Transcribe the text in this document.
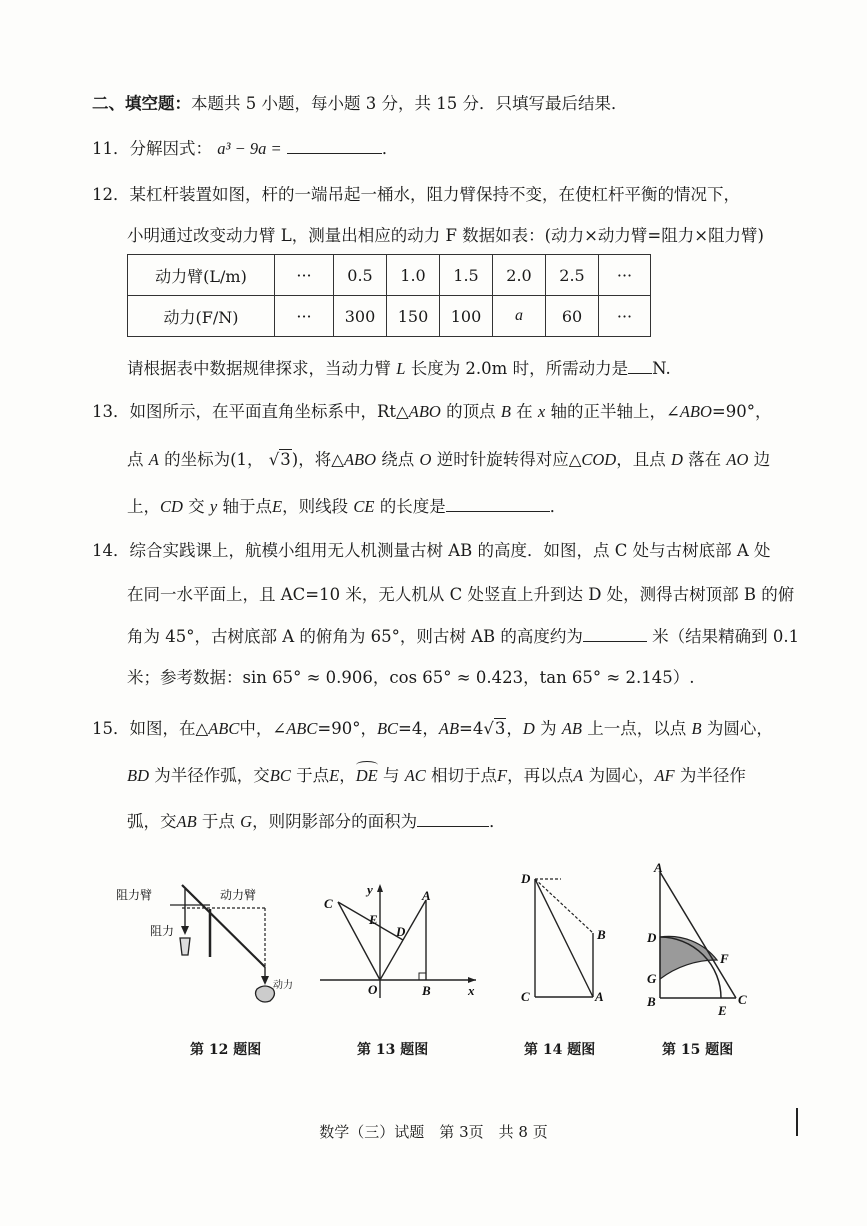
二、填空题：本题共 5 小题，每小题 3 分，共 15 分．只填写最后结果．
11．分解因式： a³ − 9a =	．
12．某杠杆装置如图，杆的一端吊起一桶水，阻力臂保持不变，在使杠杆平衡的情况下，
小明通过改变动力臂 L，测量出相应的动力 F 数据如表：(动力×动力臂=阻力×阻力臂)
动力臂(L/m)	···	0.5	1.0	1.5	2.0	2.5	···
动力(F/N)	···	300	150	100	a	60	···
请根据表中数据规律探求，当动力臂 L 长度为 2.0m 时，所需动力是 N.
13．如图所示，在平面直角坐标系中，Rt△ABO 的顶点 B 在 x 轴的正半轴上，∠ABO=90°，
点 A 的坐标为(1， √3)，将△ABO 绕点 O 逆时针旋转得对应△COD，且点 D 落在 AO 边
上，CD 交 y 轴于点E，则线段 CE 的长度是	．
14．综合实践课上，航模小组用无人机测量古树 AB 的高度．如图，点 C 处与古树底部 A 处
在同一水平面上，且 AC=10 米，无人机从 C 处竖直上升到达 D 处，测得古树顶部 B 的俯
角为 45°，古树底部 A 的俯角为 65°，则古树 AB 的高度约为	米（结果精确到 0.1
米；参考数据：sin 65° ≈ 0.906，cos 65° ≈ 0.423，tan 65° ≈ 2.145）.
15．如图，在△ABC中，∠ABC=90°，BC=4，AB=4√3，D 为 AB 上一点，以点 B 为圆心，
BD 为半径作弧，交BC 于点E，
DE 与 AC 相切于点F，再以点A 为圆心，AF 为半径作
弧，交AB 于点 G，则阴影部分的面积为	．
阻力臂	动力臂
阻力
动力
第 12 题图
y
C
E
D
A
O	B	x
第 13 题图
D
B
C	A
第 14 题图
A
D
F
G
B
E
C
第 15 题图
数学（三）试题　第 3页　共 8 页
